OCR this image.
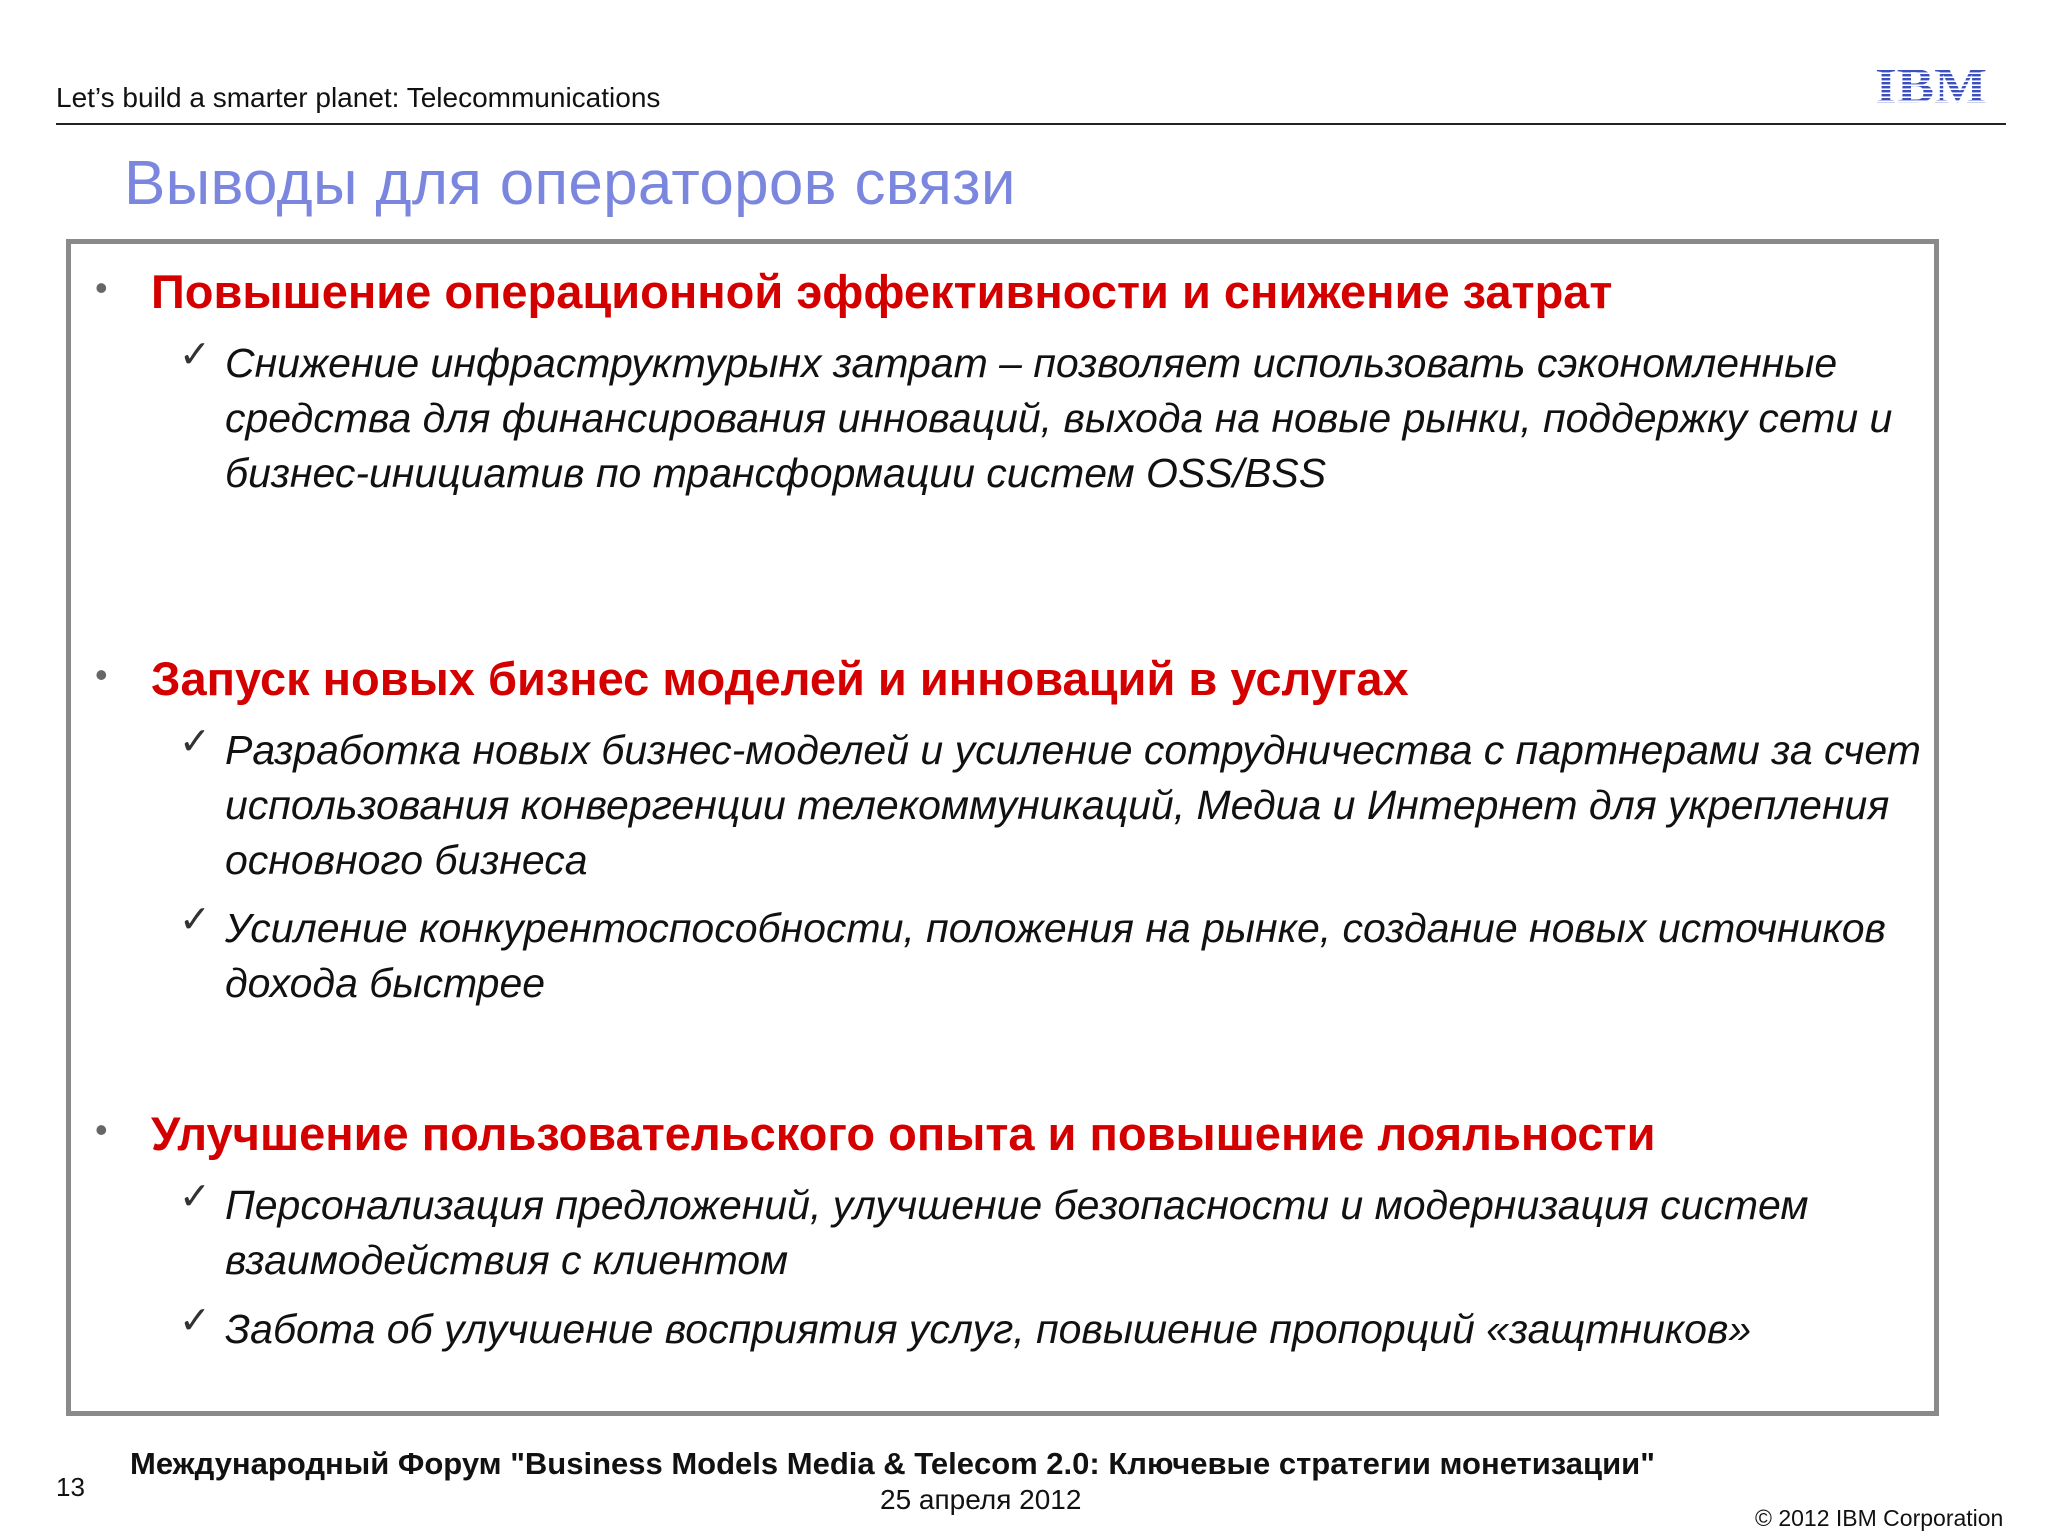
Let’s build a smarter planet: Telecommunications	IBM
Выводы для операторов связи
• Повышение операционной эффективности и снижение затрат
✓ Снижение инфраструктурынх затрат – позволяет использовать сэкономленные средства для финансирования инноваций, выхода на новые рынки, поддержку сети и бизнес-инициатив по трансформации систем OSS/BSS
• Запуск новых бизнес моделей и инноваций в услугах
✓ Разработка новых бизнес-моделей и усиление сотрудничества с партнерами за счет использования конвергенции телекоммуникаций, Медиа и Интернет для укрепления основного бизнеса
✓ Усиление конкурентоспособности, положения на рынке, создание новых источников дохода быстрее
• Улучшение пользовательского опыта и повышение лояльности
✓ Персонализация предложений, улучшение безопасности и модернизация систем взаимодействия с клиентом
✓ Забота об улучшение восприятия услуг, повышение пропорций «защтников»
13
Международный Форум "Business Models Media & Telecom 2.0: Ключевые стратегии монетизации"
25 апреля 2012
© 2012 IBM Corporation
